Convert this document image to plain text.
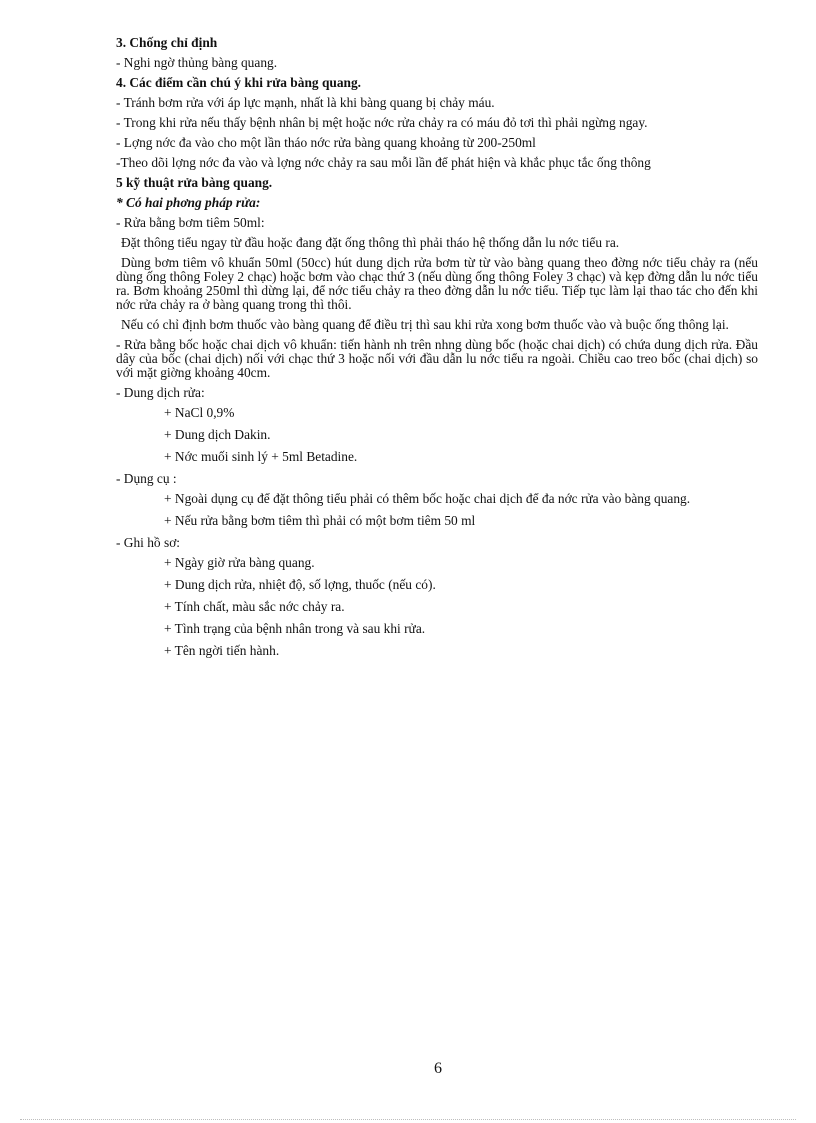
3. Chống chỉ định
- Nghi ngờ thủng bàng quang.
4. Các điểm cần chú ý khi rửa bàng quang.
- Tránh bơm rửa với áp lực mạnh, nhất là khi bàng quang bị chảy máu.
- Trong khi rửa nếu thấy bệnh nhân bị mệt hoặc nớc rửa chảy ra có máu đỏ tơi thì phải ngừng ngay.
- Lợng nớc đa vào cho một lần tháo nớc rửa bàng quang khoảng từ 200-250ml
-Theo dõi lợng nớc đa vào và lợng nớc chảy ra sau mỗi lần để phát hiện và khắc phục tắc ống thông
5 kỹ thuật rửa bàng quang.
* Có hai phơng pháp rửa:
- Rửa bằng bơm tiêm 50ml:
Đặt thông tiểu ngay từ đầu hoặc đang đặt ống thông thì phải tháo hệ thống dẫn lu nớc tiểu ra.
Dùng bơm tiêm vô khuẩn 50ml (50cc) hút dung dịch rửa bơm từ từ vào bàng quang theo đờng nớc tiểu chảy ra (nếu dùng ống thông Foley 2 chạc) hoặc bơm vào chạc thứ 3 (nếu dùng ống thông Foley 3 chạc) và kẹp đờng dẫn lu nớc tiểu ra. Bơm khoảng 250ml thì dừng lại, để nớc tiểu chảy ra theo đờng dẫn lu nớc tiểu. Tiếp tục làm lại thao tác cho đến khi nớc rửa chảy ra ở bàng quang trong thì thôi.
Nếu có chỉ định bơm thuốc vào bàng quang để điều trị thì sau khi rửa xong bơm thuốc vào và buộc ống thông lại.
- Rửa bằng bốc hoặc chai dịch vô khuẩn: tiến hành nh trên nhng dùng bốc (hoặc chai dịch) có chứa dung dịch rửa. Đầu dây của bốc (chai dịch) nối với chạc thứ 3 hoặc nối với đầu dẫn lu nớc tiểu ra ngoài. Chiều cao treo bốc (chai dịch) so với mặt giờng khoảng 40cm.
- Dung dịch rửa:
+ NaCl 0,9%
+ Dung dịch Dakin.
+ Nớc muối sinh lý + 5ml Betadine.
- Dụng cụ :
+ Ngoài dụng cụ để đặt thông tiểu phải có thêm bốc hoặc chai dịch để đa nớc rửa vào bàng quang.
+ Nếu rửa bằng bơm tiêm thì phải có một bơm tiêm 50 ml
- Ghi hồ sơ:
+ Ngày giờ rửa bàng quang.
+ Dung dịch rửa, nhiệt độ, số lợng, thuốc (nếu có).
+ Tính chất, màu sắc nớc chảy ra.
+ Tình trạng của bệnh nhân trong và sau khi rửa.
+ Tên ngời tiến hành.
6
